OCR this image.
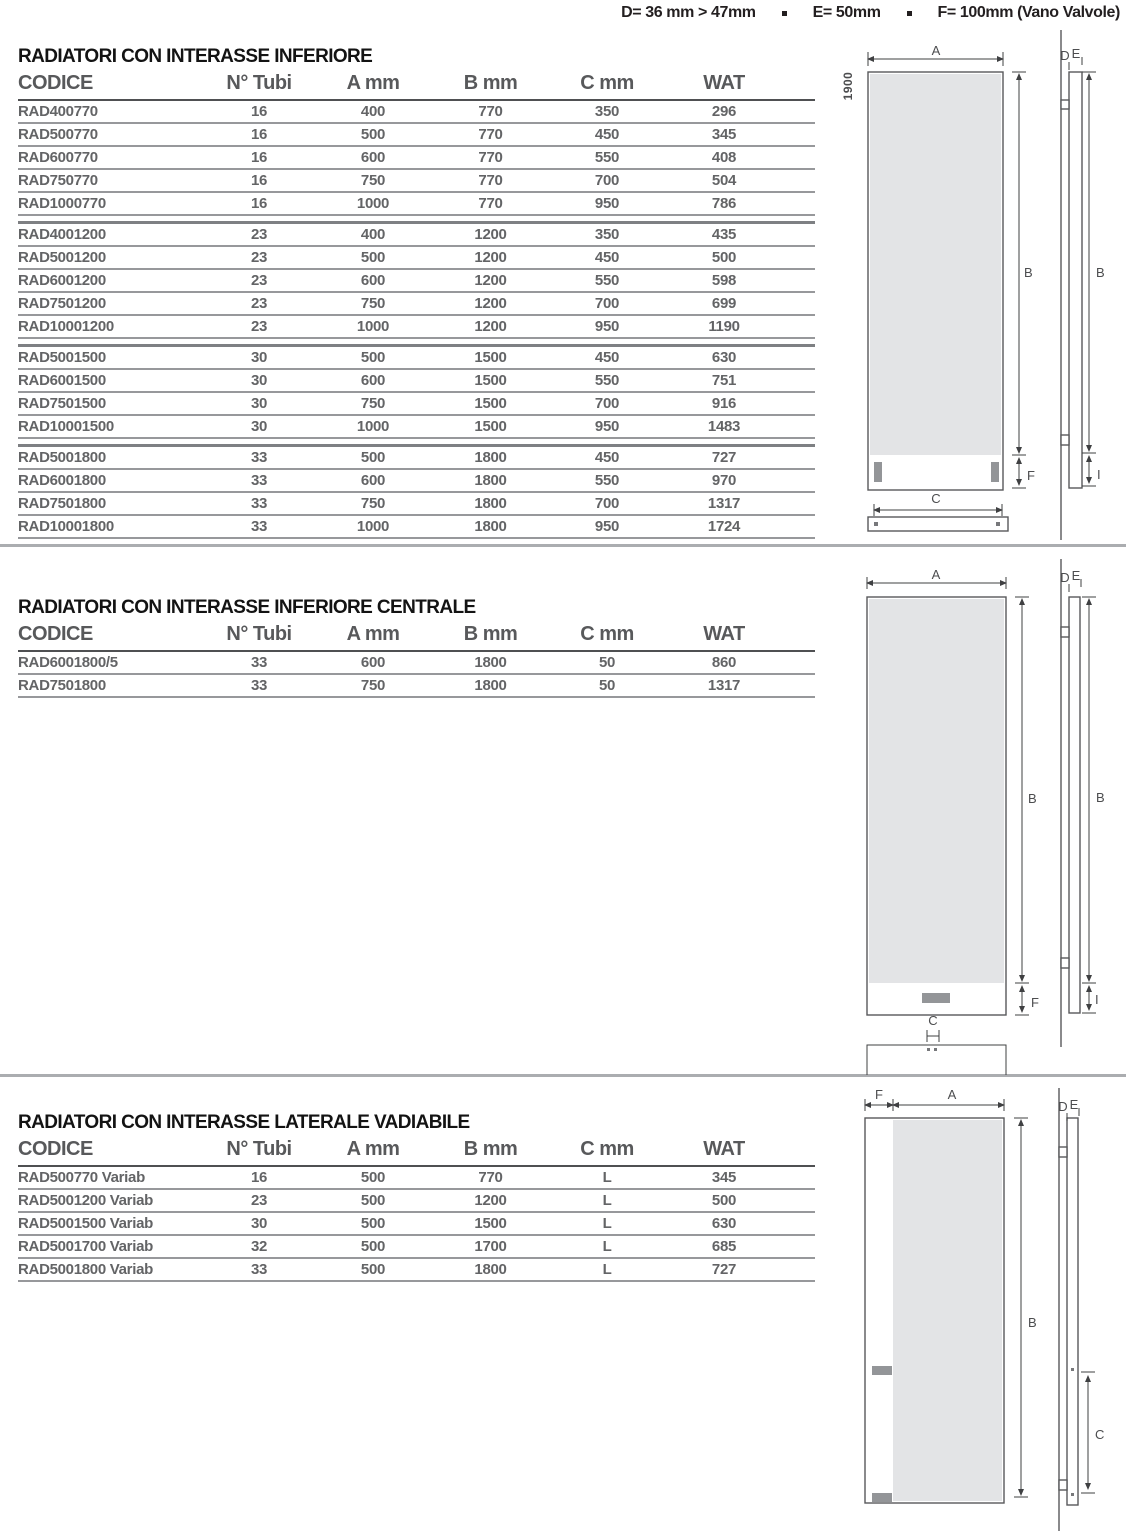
D= 36 mm > 47mm	E= 50mm	F= 100mm (Vano Valvole)
RADIATORI CON INTERASSE INFERIORE
CODICE	N° Tubi	A mm	B mm	C mm	WAT
RAD400770	16	400	770	350	296
RAD500770	16	500	770	450	345
RAD600770	16	600	770	550	408
RAD750770	16	750	770	700	504
RAD1000770	16	1000	770	950	786
RAD4001200	23	400	1200	350	435
RAD5001200	23	500	1200	450	500
RAD6001200	23	600	1200	550	598
RAD7501200	23	750	1200	700	699
RAD10001200	23	1000	1200	950	1190
RAD5001500	30	500	1500	450	630
RAD6001500	30	600	1500	550	751
RAD7501500	30	750	1500	700	916
RAD10001500	30	1000	1500	950	1483
RAD5001800	33	500	1800	450	727
RAD6001800	33	600	1800	550	970
RAD7501800	33	750	1800	700	1317
RAD10001800	33	1000	1800	950	1724
RADIATORI CON INTERASSE INFERIORE CENTRALE
CODICE	N° Tubi	A mm	B mm	C mm	WAT
RAD6001800/5	33	600	1800	50	860
RAD7501800	33	750	1800	50	1317
RADIATORI CON INTERASSE LATERALE VADIABILE
CODICE	N° Tubi	A mm	B mm	C mm	WAT
RAD500770 Variab	16	500	770	L	345
RAD5001200 Variab	23	500	1200	L	500
RAD5001500 Variab	30	500	1500	L	630
RAD5001700 Variab	32	500	1700	L	685
RAD5001800 Variab	33	500	1800	L	727
A
1900
B
F
C
D E
B
I
A
B
F
C
D E
B
I
F	A
B
D E
C
